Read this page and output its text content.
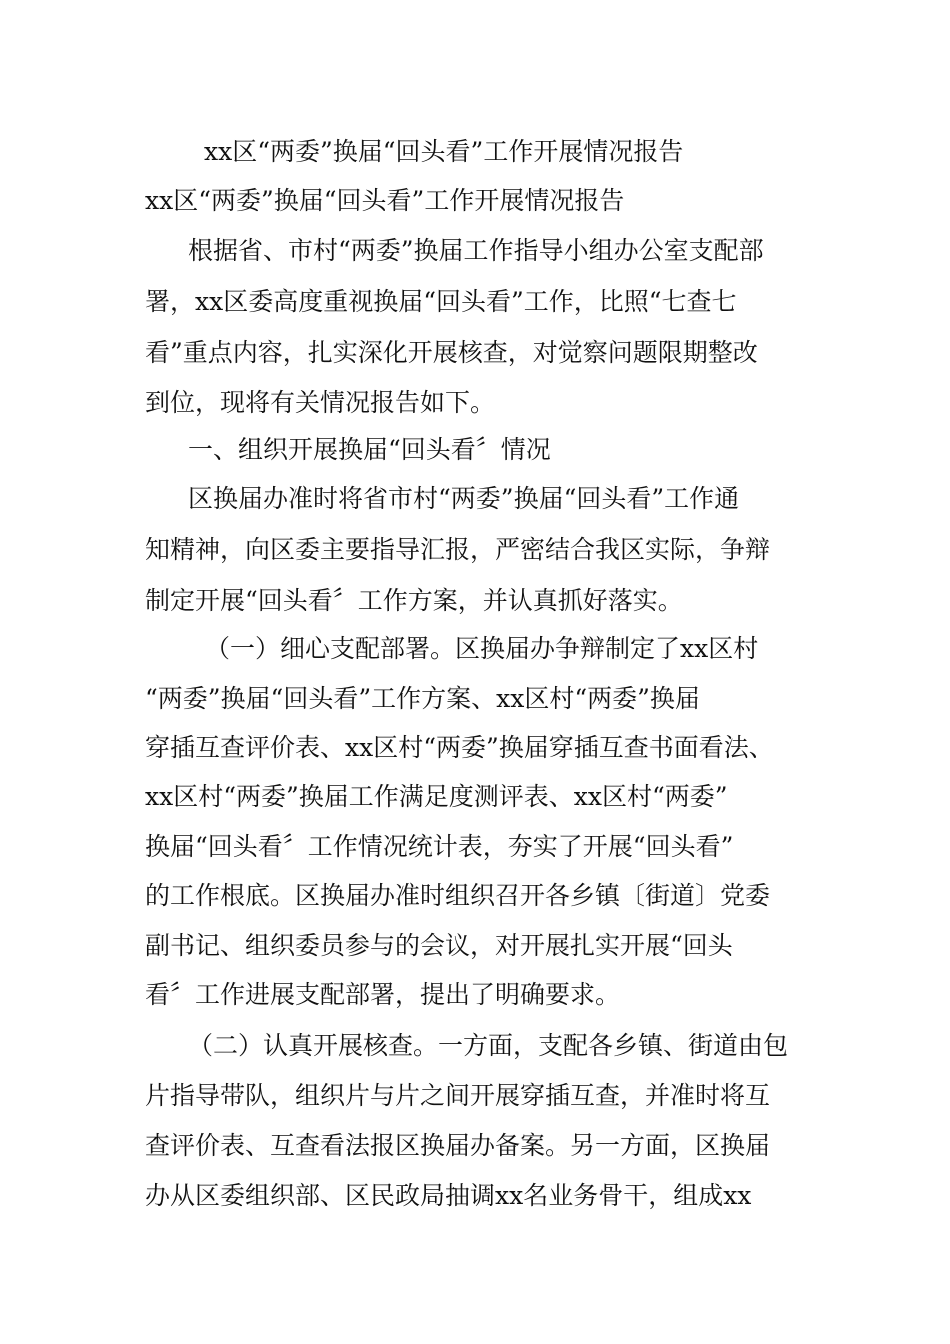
xx区“两委”换届“回头看”工作开展情况报告
xx区“两委”换届“回头看”工作开展情况报告
根据省、市村“两委”换届工作指导小组办公室支配部
署，xx区委高度重视换届“回头看”工作，比照“七查七
看”重点内容，扎实深化开展核查，对觉察问题限期整改
到位，现将有关情况报告如下。
一、组织开展换届“回头看〞情况
区换届办准时将省市村“两委”换届“回头看”工作通
知精神，向区委主要指导汇报，严密结合我区实际，争辩
制定开展“回头看〞工作方案，并认真抓好落实。
（一）细心支配部署。区换届办争辩制定了xx区村
“两委”换届“回头看”工作方案、xx区村“两委”换届
穿插互查评价表、xx区村“两委”换届穿插互查书面看法、
xx区村“两委”换届工作满足度测评表、xx区村“两委”
换届“回头看〞工作情况统计表，夯实了开展“回头看”
的工作根底。区换届办准时组织召开各乡镇〔街道〕党委
副书记、组织委员参与的会议，对开展扎实开展“回头
看〞工作进展支配部署，提出了明确要求。
（二）认真开展核查。一方面，支配各乡镇、街道由包
片指导带队，组织片与片之间开展穿插互查，并准时将互
查评价表、互查看法报区换届办备案。另一方面，区换届
办从区委组织部、区民政局抽调xx名业务骨干，组成xx
